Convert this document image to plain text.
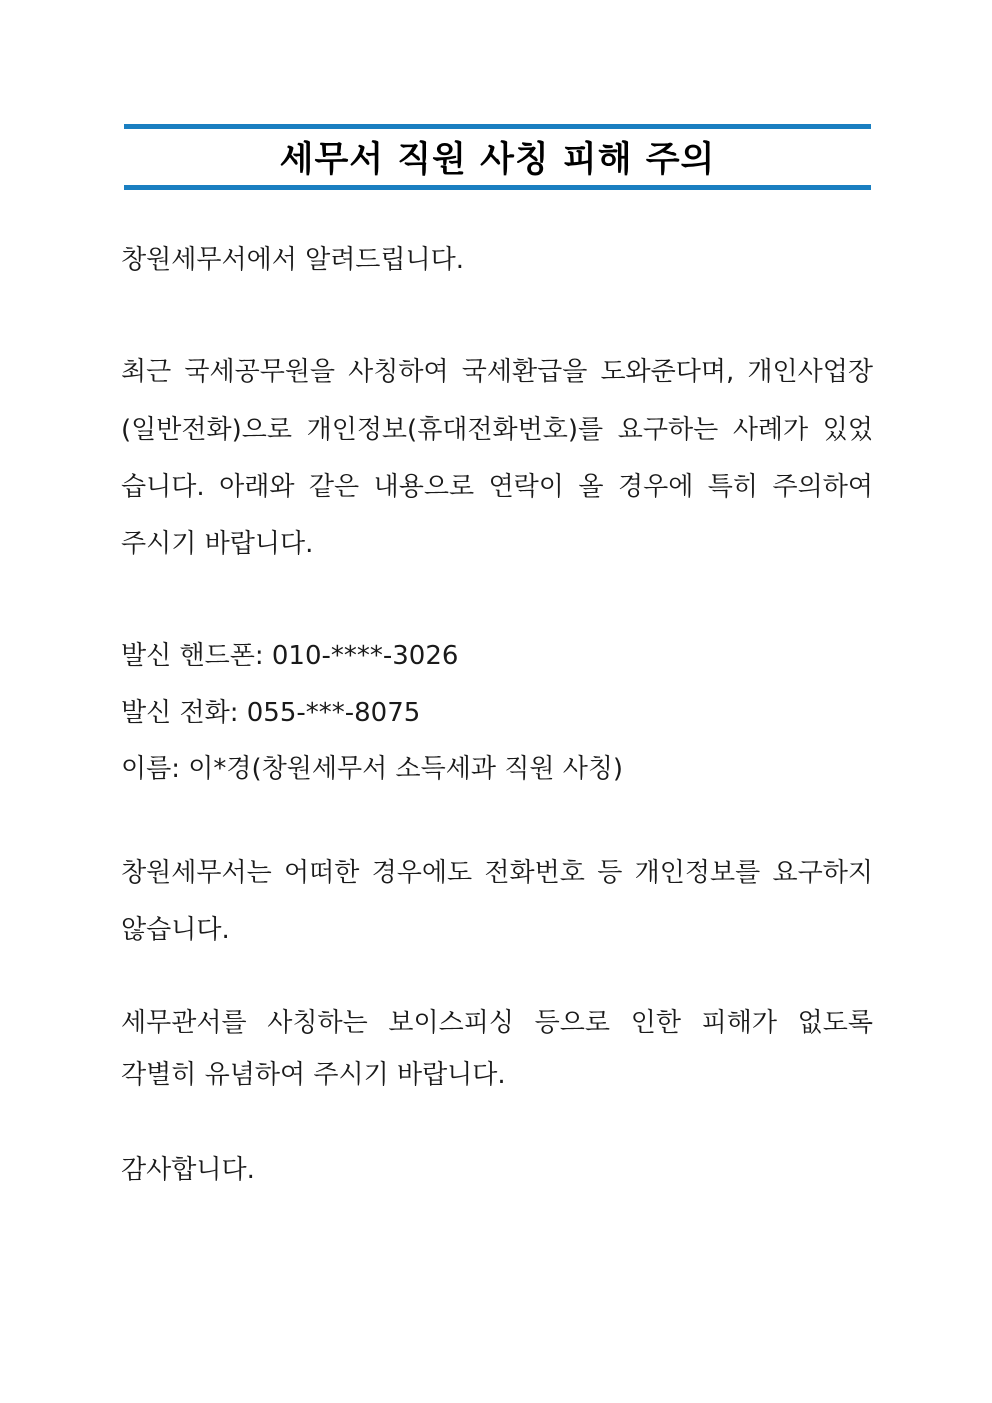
세무서 직원 사칭 피해 주의

창원세무서에서 알려드립니다.

최근 국세공무원을 사칭하여 국세환급을 도와준다며, 개인사업장

(일반전화)으로 개인정보(휴대전화번호)를 요구하는 사례가 있었

습니다. 아래와 같은 내용으로 연락이 올 경우에 특히 주의하여

주시기 바랍니다.

발신 핸드폰: 010-****-3026

발신 전화: 055-***-8075

이름: 이*경(창원세무서 소득세과 직원 사칭)

창원세무서는 어떠한 경우에도 전화번호 등 개인정보를 요구하지

않습니다.

세무관서를 사칭하는 보이스피싱 등으로 인한 피해가 없도록

각별히 유념하여 주시기 바랍니다.

감사합니다.
